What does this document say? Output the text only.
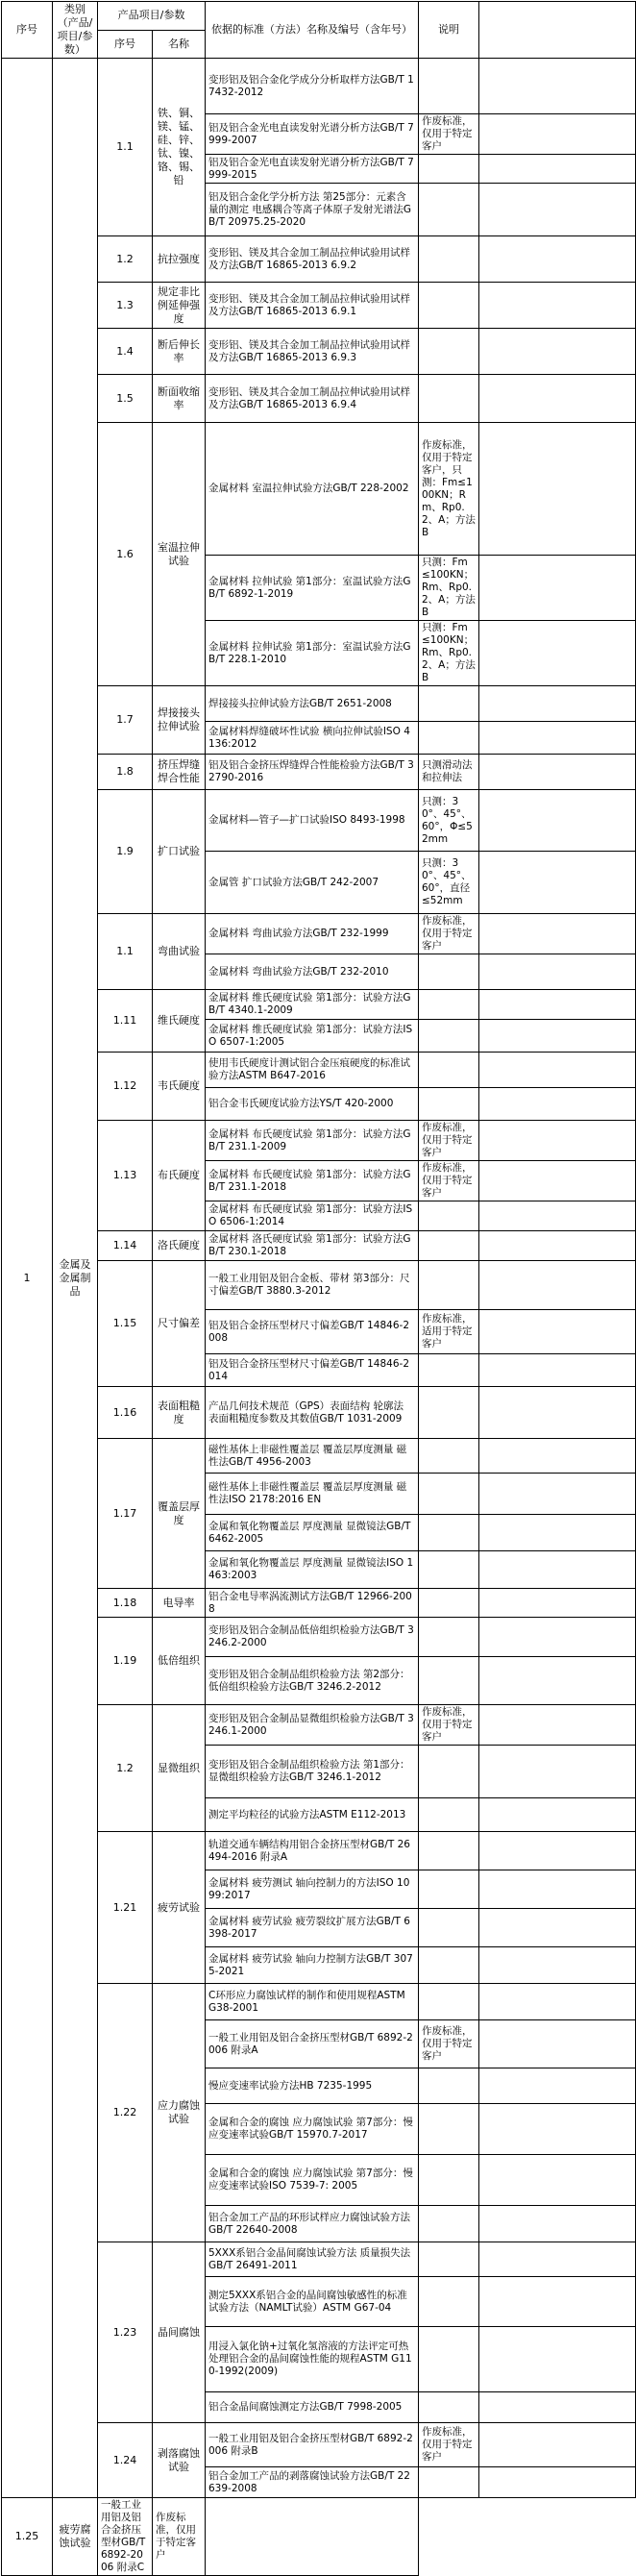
序号	类别（产品/项目/参数）	产品项目/参数		依据的标准（方法）名称及编号（含年号）	说明	
		序号	名称			
1	金属及金属制品	1.1	铁、铜、镁、锰、硅、锌、钛、镍、铬、锡、铅	变形铝及铝合金化学成分分析取样方法GB/T 17432-2012		
				铝及铝合金光电直读发射光谱分析方法GB/T 7999-2007	作废标准，仅用于特定客户	
				铝及铝合金光电直读发射光谱分析方法GB/T 7999-2015		
				铝及铝合金化学分析方法 第25部分：元素含量的测定 电感耦合等离子体原子发射光谱法GB/T 20975.25-2020		
		1.2	抗拉强度	变形铝、镁及其合金加工制品拉伸试验用试样及方法GB/T 16865-2013 6.9.2		
		1.3	规定非比例延伸强度	变形铝、镁及其合金加工制品拉伸试验用试样及方法GB/T 16865-2013 6.9.1		
		1.4	断后伸长率	变形铝、镁及其合金加工制品拉伸试验用试样及方法GB/T 16865-2013 6.9.3		
		1.5	断面收缩率	变形铝、镁及其合金加工制品拉伸试验用试样及方法GB/T 16865-2013 6.9.4		
		1.6	室温拉伸试验	金属材料 室温拉伸试验方法GB/T 228-2002	作废标准，仅用于特定客户，只测：Fm≤100KN；Rm、Rp0.2、A；方法 B	
				金属材料 拉伸试验 第1部分：室温试验方法GB/T 6892-1-2019	只测：Fm≤100KN；Rm、Rp0.2、A；方法 B	
				金属材料 拉伸试验 第1部分：室温试验方法GB/T 228.1-2010	只测：Fm≤100KN；Rm、Rp0.2、A；方法B	
		1.7	焊接接头拉伸试验	焊接接头拉伸试验方法GB/T 2651-2008		
				金属材料焊缝破坏性试验 横向拉伸试验ISO 4136:2012		
		1.8	挤压焊缝焊合性能	铝及铝合金挤压焊缝焊合性能检验方法GB/T 32790-2016	只测滑动法和拉伸法	
		1.9	扩口试验	金属材料—管子—扩口试验ISO 8493-1998	只测：30°、45°、60°，Φ≤52mm	
				金属管 扩口试验方法GB/T 242-2007	只测：30°、45°、60°，直径≤52mm	
		1.1	弯曲试验	金属材料 弯曲试验方法GB/T 232-1999	作废标准，仅用于特定客户	
				金属材料 弯曲试验方法GB/T 232-2010		
		1.11	维氏硬度	金属材料 维氏硬度试验 第1部分：试验方法GB/T 4340.1-2009		
				金属材料 维氏硬度试验 第1部分：试验方法ISO 6507-1:2005		
		1.12	韦氏硬度	使用韦氏硬度计测试铝合金压痕硬度的标准试验方法ASTM B647-2016		
				铝合金韦氏硬度试验方法YS/T 420-2000		
		1.13	布氏硬度	金属材料 布氏硬度试验 第1部分：试验方法GB/T 231.1-2009	作废标准，仅用于特定客户	
				金属材料 布氏硬度试验 第1部分：试验方法GB/T 231.1-2018	作废标准，仅用于特定客户	
				金属材料 布氏硬度试验 第1部分：试验方法ISO 6506-1:2014		
		1.14	洛氏硬度	金属材料 洛氏硬度试验 第1部分：试验方法GB/T 230.1-2018		
		1.15	尺寸偏差	一般工业用铝及铝合金板、带材 第3部分：尺寸偏差GB/T 3880.3-2012		
				铝及铝合金挤压型材尺寸偏差GB/T 14846-2008	作废标准，适用于特定客户	
				铝及铝合金挤压型材尺寸偏差GB/T 14846-2014		
		1.16	表面粗糙度	产品几何技术规范（GPS）表面结构 轮廓法 表面粗糙度参数及其数值GB/T 1031-2009		
		1.17	覆盖层厚度	磁性基体上非磁性覆盖层 覆盖层厚度测量 磁性法GB/T 4956-2003		
				磁性基体上非磁性覆盖层 覆盖层厚度测量 磁性法ISO 2178:2016 EN		
				金属和氧化物覆盖层 厚度测量 显微镜法GB/T 6462-2005		
				金属和氧化物覆盖层 厚度测量 显微镜法ISO 1463:2003		
		1.18	电导率	铝合金电导率涡流测试方法GB/T 12966-2008		
		1.19	低倍组织	变形铝及铝合金制品低倍组织检验方法GB/T 3246.2-2000		
				变形铝及铝合金制品组织检验方法 第2部分：低倍组织检验方法GB/T 3246.2-2012		
		1.2	显微组织	变形铝及铝合金制品显微组织检验方法GB/T 3246.1-2000	作废标准，仅用于特定客户	
				变形铝及铝合金制品组织检验方法 第1部分：显微组织检验方法GB/T 3246.1-2012		
				测定平均粒径的试验方法ASTM E112-2013		
		1.21	疲劳试验	轨道交通车辆结构用铝合金挤压型材GB/T 26494-2016 附录A		
				金属材料 疲劳测试 轴向控制力的方法ISO 1099:2017		
				金属材料 疲劳试验 疲劳裂纹扩展方法GB/T 6398-2017		
				金属材料 疲劳试验 轴向力控制方法GB/T 3075-2021		
		1.22	应力腐蚀试验	C环形应力腐蚀试样的制作和使用规程ASTM G38-2001		
				一般工业用铝及铝合金挤压型材GB/T 6892-2006 附录A	作废标准，仅用于特定客户	
				慢应变速率试验方法HB 7235-1995		
				金属和合金的腐蚀 应力腐蚀试验 第7部分：慢应变速率试验GB/T 15970.7-2017		
				金属和合金的腐蚀 应力腐蚀试验 第7部分：慢应变速率试验ISO 7539-7: 2005		
				铝合金加工产品的环形试样应力腐蚀试验方法GB/T 22640-2008		
		1.23	晶间腐蚀	5XXX系铝合金晶间腐蚀试验方法 质量损失法GB/T 26491-2011		
				测定5XXX系铝合金的晶间腐蚀敏感性的标准试验方法（NAMLT试验）ASTM G67-04		
				用浸入氯化钠+过氧化氢溶液的方法评定可热处理铝合金的晶间腐蚀性能的规程ASTM G110-1992(2009)		
				铝合金晶间腐蚀测定方法GB/T 7998-2005		
		1.24	剥落腐蚀试验	一般工业用铝及铝合金挤压型材GB/T 6892-2006 附录B	作废标准，仅用于特定客户	
				铝合金加工产品的剥落腐蚀试验方法GB/T 22639-2008		
1.25	疲劳腐蚀试验	一般工业用铝及铝合金挤压型材GB/T 6892-2006 附录C	作废标准，仅用于特定客户			
